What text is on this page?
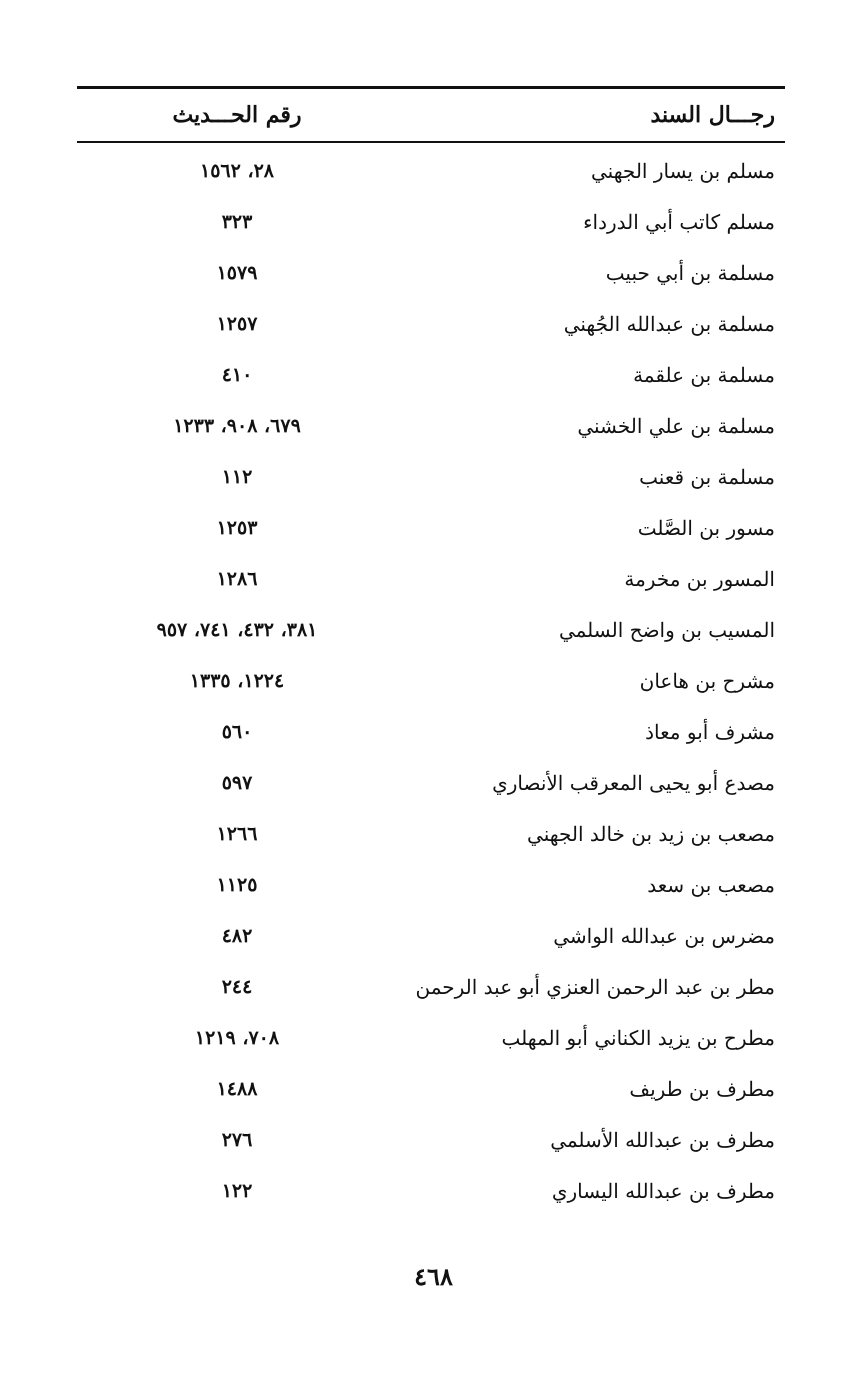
رجـــال السند
رقم الحـــديث
مسلم بن يسار الجهني
٢٨، ١٥٦٢
مسلم كاتب أبي الدرداء
٣٢٣
مسلمة بن أبي حبيب
١٥٧٩
مسلمة بن عبدالله الجُهني
١٢٥٧
مسلمة بن علقمة
٤١٠
مسلمة بن علي الخشني
٦٧٩، ٩٠٨، ١٢٣٣
مسلمة بن قعنب
١١٢
مسور بن الصَّلت
١٢٥٣
المسور بن مخرمة
١٢٨٦
المسيب بن واضح السلمي
٣٨١، ٤٣٢، ٧٤١، ٩٥٧
مشرح بن هاعان
١٢٢٤، ١٣٣٥
مشرف أبو معاذ
٥٦٠
مصدع أبو يحيى المعرقب الأنصاري
٥٩٧
مصعب بن زيد بن خالد الجهني
١٢٦٦
مصعب بن سعد
١١٢٥
مضرس بن عبدالله الواشي
٤٨٢
مطر بن عبد الرحمن العنزي أبو عبد الرحمن
٢٤٤
مطرح بن يزيد الكناني أبو المهلب
٧٠٨، ١٢١٩
مطرف بن طريف
١٤٨٨
مطرف بن عبدالله الأسلمي
٢٧٦
مطرف بن عبدالله اليساري
١٢٢
٤٦٨
